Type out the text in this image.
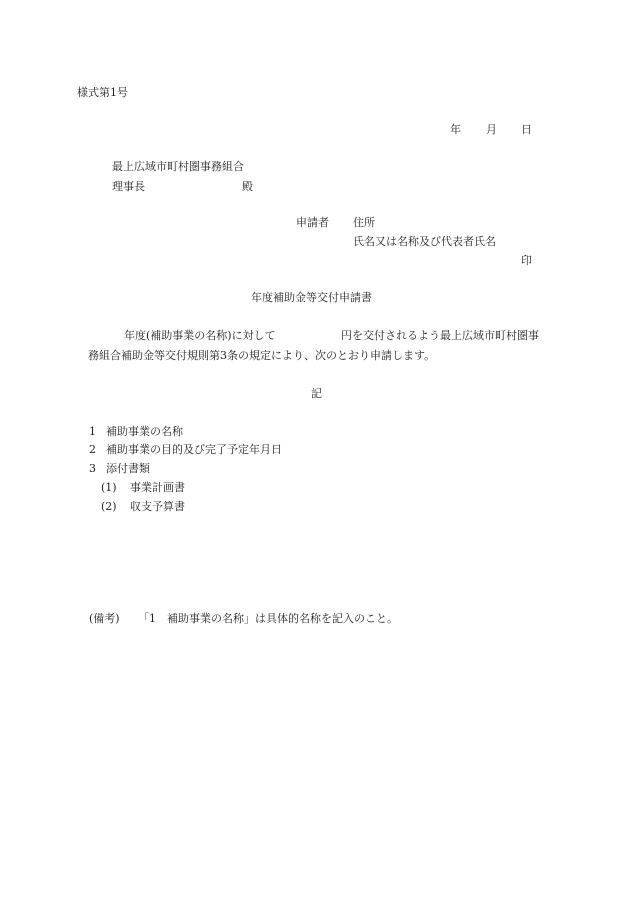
様式第1号
年 月 日
最上広域市町村圏事務組合
理事長	殿
申請者 住所
氏名又は名称及び代表者氏名
印
年度補助金等交付申請書
年度(補助事業の名称)に対して	円を交付されるよう最上広域市町村圏事
務組合補助金等交付規則第3条の規定により、次のとおり申請します。
記
1 補助事業の名称
2 補助事業の目的及び完了予定年月日
3 添付書類
(1) 事業計画書
(2) 収支予算書
(備考) 「1　補助事業の名称」は具体的名称を記入のこと。
